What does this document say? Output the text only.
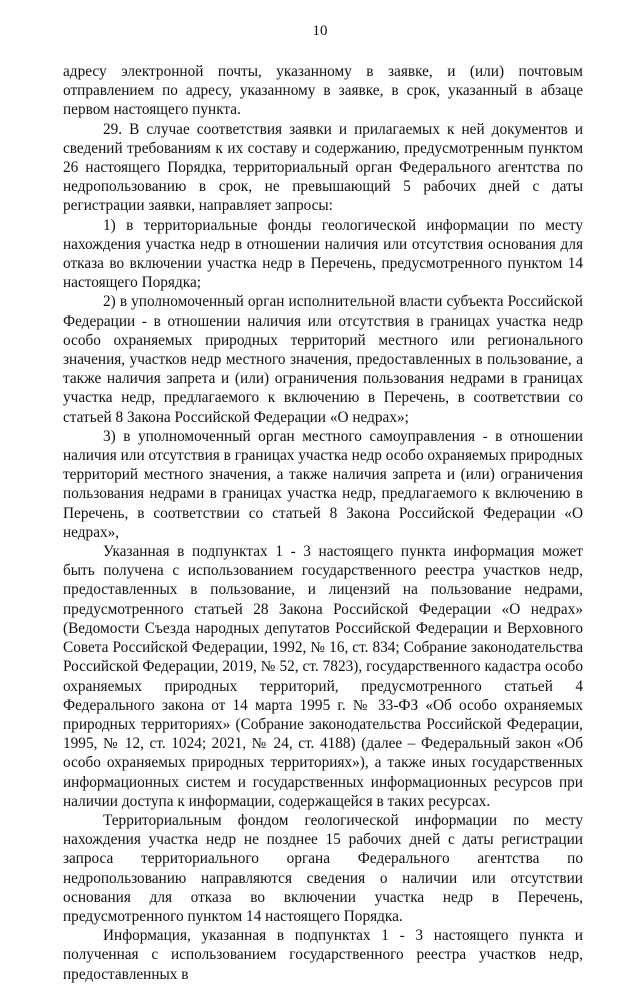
10

адресу электронной почты, указанному в заявке, и (или) почтовым отправлением по адресу, указанному в заявке, в срок, указанный в абзаце первом настоящего пункта.

29. В случае соответствия заявки и прилагаемых к ней документов и сведений требованиям к их составу и содержанию, предусмотренным пунктом 26 настоящего Порядка, территориальный орган Федерального агентства по недропользованию в срок, не превышающий 5 рабочих дней с даты регистрации заявки, направляет запросы:

1) в территориальные фонды геологической информации по месту нахождения участка недр в отношении наличия или отсутствия основания для отказа во включении участка недр в Перечень, предусмотренного пунктом 14 настоящего Порядка;

2) в уполномоченный орган исполнительной власти субъекта Российской Федерации - в отношении наличия или отсутствия в границах участка недр особо охраняемых природных территорий местного или регионального значения, участков недр местного значения, предоставленных в пользование, а также наличия запрета и (или) ограничения пользования недрами в границах участка недр, предлагаемого к включению в Перечень, в соответствии со статьей 8 Закона Российской Федерации «О недрах»;

3) в уполномоченный орган местного самоуправления - в отношении наличия или отсутствия в границах участка недр особо охраняемых природных территорий местного значения, а также наличия запрета и (или) ограничения пользования недрами в границах участка недр, предлагаемого к включению в Перечень, в соответствии со статьей 8 Закона Российской Федерации «О недрах»,

Указанная в подпунктах 1 - 3 настоящего пункта информация может быть получена с использованием государственного реестра участков недр, предоставленных в пользование, и лицензий на пользование недрами, предусмотренного статьей 28 Закона Российской Федерации «О недрах» (Ведомости Съезда народных депутатов Российской Федерации и Верховного Совета Российской Федерации, 1992, № 16, ст. 834; Собрание законодательства Российской Федерации, 2019, № 52, ст. 7823), государственного кадастра особо охраняемых природных территорий, предусмотренного статьей 4 Федерального закона от 14 марта 1995 г. № 33-ФЗ «Об особо охраняемых природных территориях» (Собрание законодательства Российской Федерации, 1995, № 12, ст. 1024; 2021, № 24, ст. 4188) (далее – Федеральный закон «Об особо охраняемых природных территориях»), а также иных государственных информационных систем и государственных информационных ресурсов при наличии доступа к информации, содержащейся в таких ресурсах.

Территориальным фондом геологической информации по месту нахождения участка недр не позднее 15 рабочих дней с даты регистрации запроса территориального органа Федерального агентства по недропользованию направляются сведения о наличии или отсутствии основания для отказа во включении участка недр в Перечень, предусмотренного пунктом 14 настоящего Порядка.

Информация, указанная в подпунктах 1 - 3 настоящего пункта и полученная с использованием государственного реестра участков недр, предоставленных в
